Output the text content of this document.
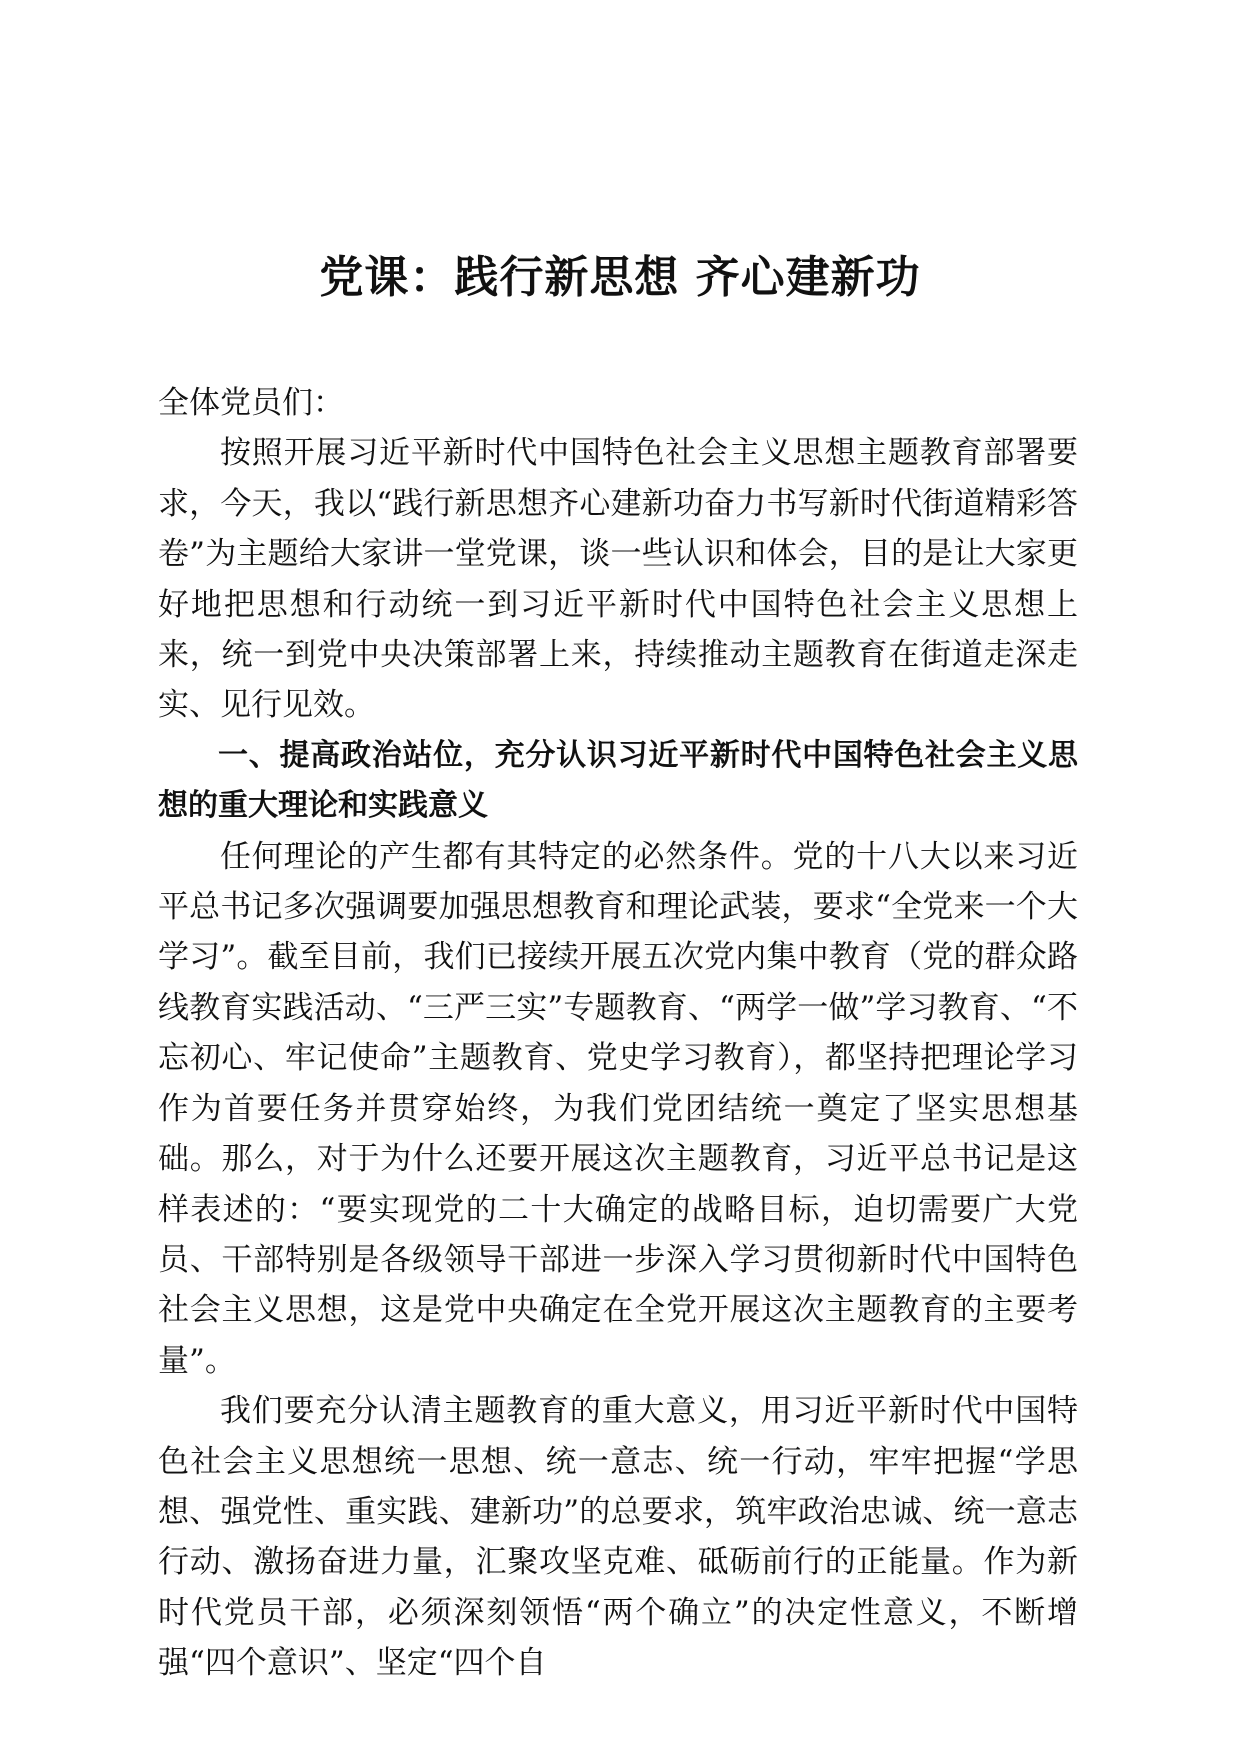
党课：践行新思想 齐心建新功

全体党员们：

按照开展习近平新时代中国特色社会主义思想主题教育部署要求，今天，我以“践行新思想齐心建新功奋力书写新时代街道精彩答卷”为主题给大家讲一堂党课，谈一些认识和体会，目的是让大家更好地把思想和行动统一到习近平新时代中国特色社会主义思想上来，统一到党中央决策部署上来，持续推动主题教育在街道走深走实、见行见效。

一、提高政治站位，充分认识习近平新时代中国特色社会主义思想的重大理论和实践意义

任何理论的产生都有其特定的必然条件。党的十八大以来习近平总书记多次强调要加强思想教育和理论武装，要求“全党来一个大学习”。截至目前，我们已接续开展五次党内集中教育（党的群众路线教育实践活动、“三严三实”专题教育、“两学一做”学习教育、“不忘初心、牢记使命”主题教育、党史学习教育），都坚持把理论学习作为首要任务并贯穿始终，为我们党团结统一奠定了坚实思想基础。那么，对于为什么还要开展这次主题教育，习近平总书记是这样表述的：“要实现党的二十大确定的战略目标，迫切需要广大党员、干部特别是各级领导干部进一步深入学习贯彻新时代中国特色社会主义思想，这是党中央确定在全党开展这次主题教育的主要考量”。

我们要充分认清主题教育的重大意义，用习近平新时代中国特色社会主义思想统一思想、统一意志、统一行动，牢牢把握“学思想、强党性、重实践、建新功”的总要求，筑牢政治忠诚、统一意志行动、激扬奋进力量，汇聚攻坚克难、砥砺前行的正能量。作为新时代党员干部，必须深刻领悟“两个确立”的决定性意义，不断增强“四个意识”、坚定“四个自
